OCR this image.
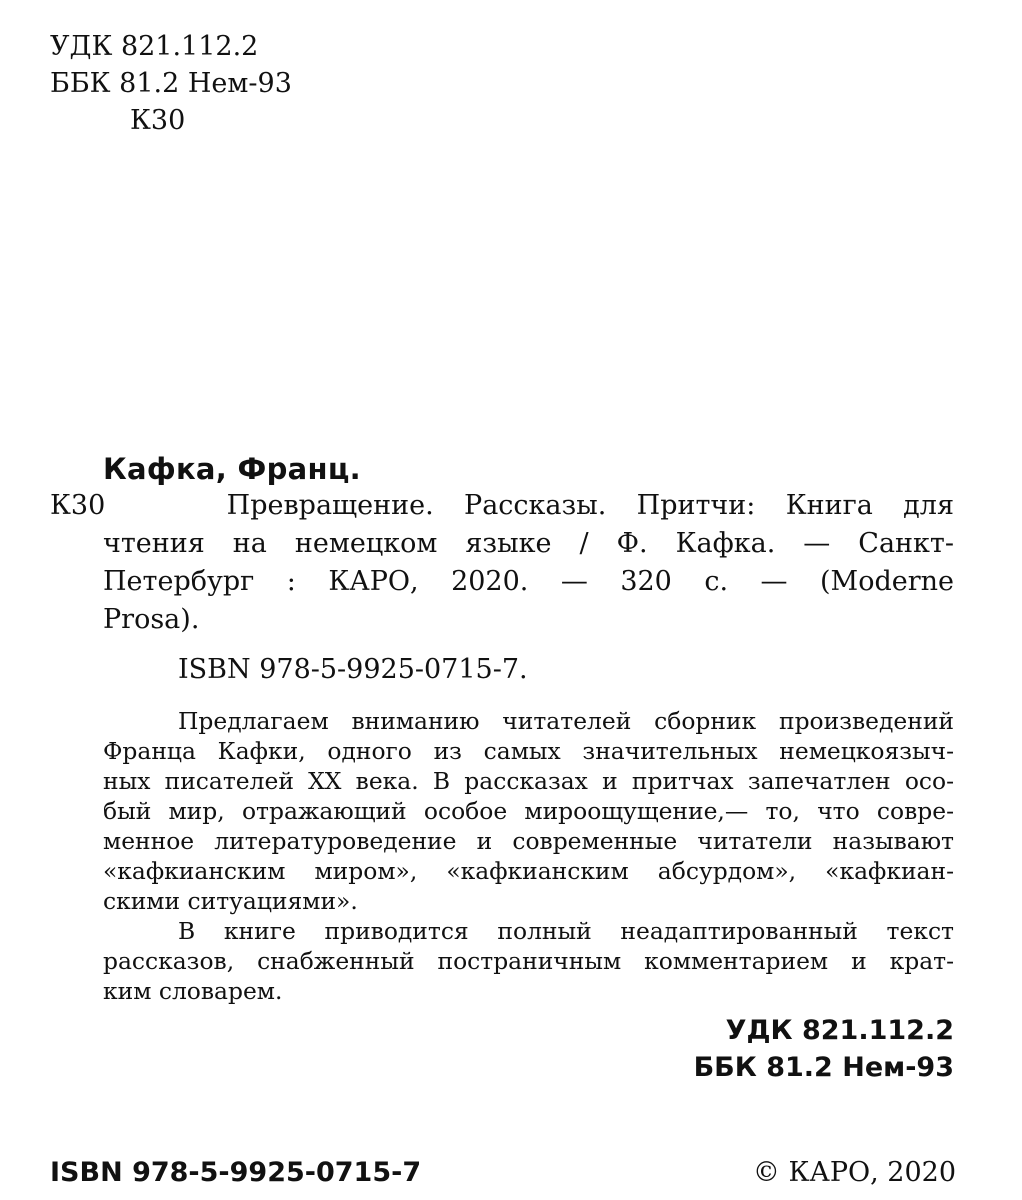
УДК 821.112.2
ББК 81.2 Нем-93
К30
Кафка, Франц.
К30	Превращение. Рассказы. Притчи: Книга для
чтения на немецком языке / Ф. Кафка. — Санкт-
Петербург : КАРО, 2020. — 320 с. — (Moderne
Prosa).
ISBN 978-5-9925-0715-7.
Предлагаем вниманию читателей сборник произведений
Франца Кафки, одного из самых значительных немецкоязыч-
ных писателей XX века. В рассказах и притчах запечатлен осо-
бый мир, отражающий особое мироощущение,— то, что совре-
менное литературоведение и современные читатели называют
«кафкианским миром», «кафкианским абсурдом», «кафкиан-
скими ситуациями».
В книге приводится полный неадаптированный текст
рассказов, снабженный постраничным комментарием и крат-
ким словарем.
УДК 821.112.2
ББК 81.2 Нем-93
ISBN 978-5-9925-0715-7	© КАРО, 2020
